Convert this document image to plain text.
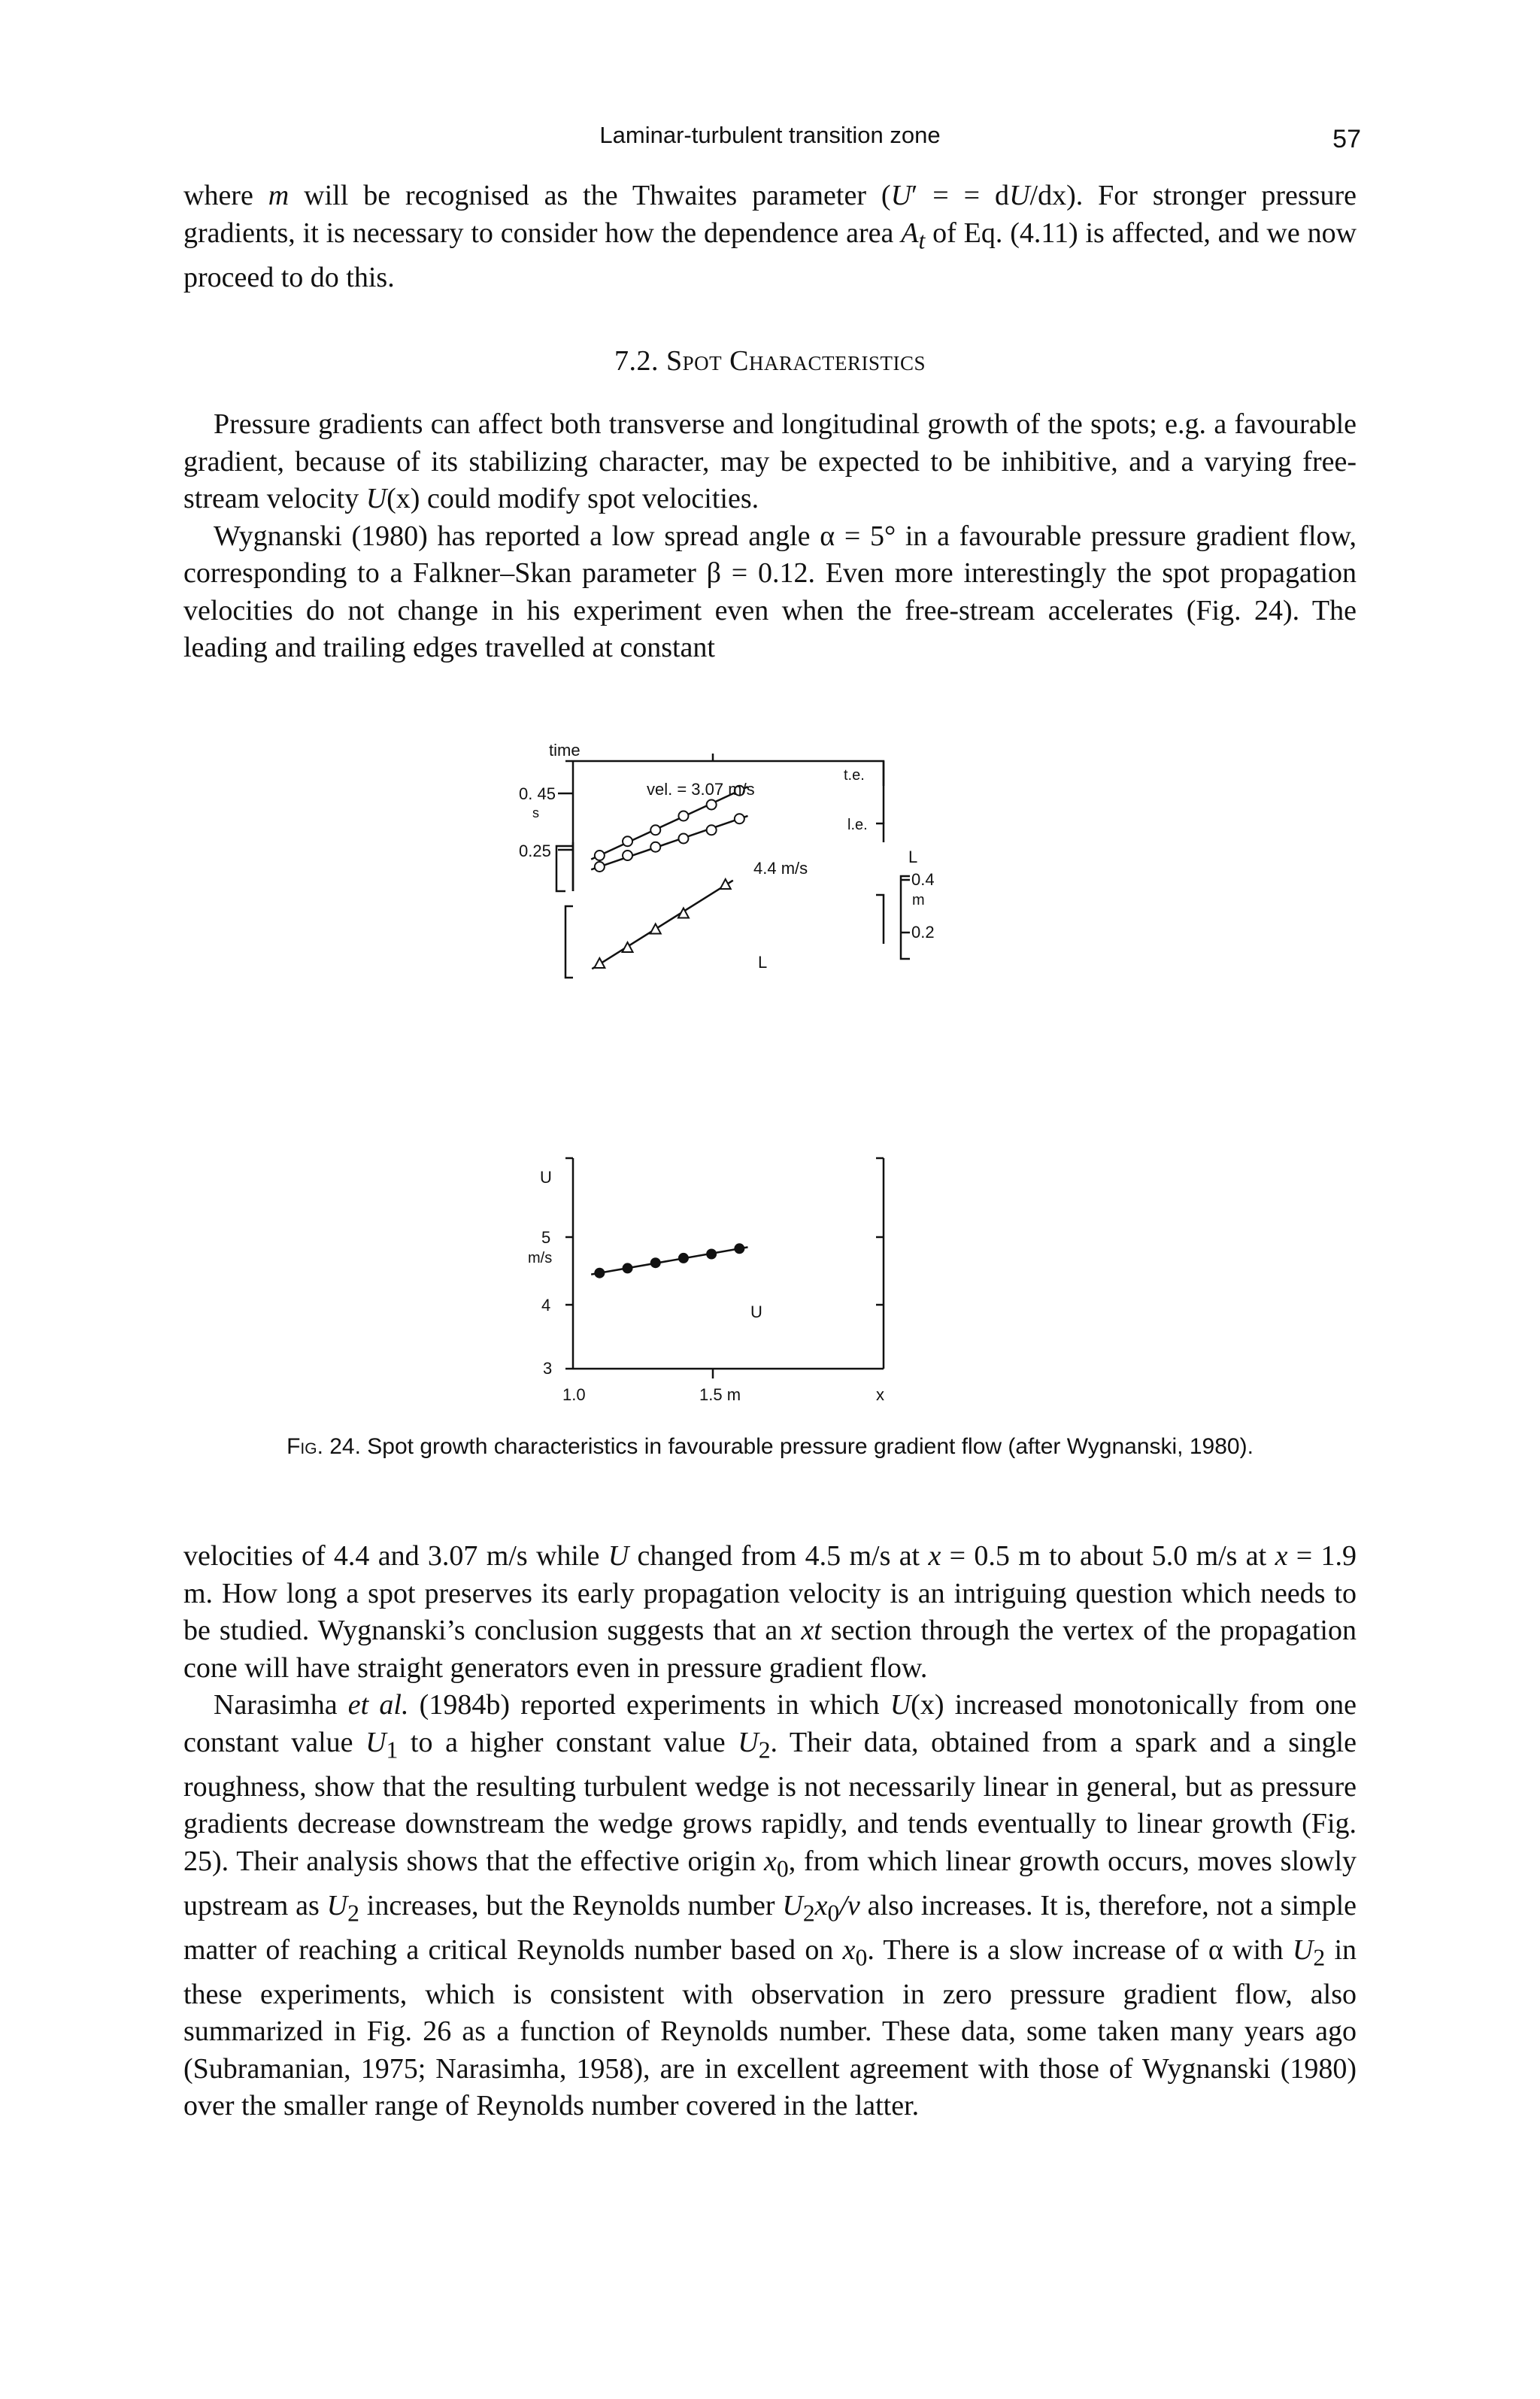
Laminar-turbulent transition zone	57

where m will be recognised as the Thwaites parameter (U′ = = dU/dx). For stronger pressure gradients, it is necessary to consider how the dependence area $A_t$ of Eq. (4.11) is affected, and we now proceed to do this.

7.2. Spot Characteristics

Pressure gradients can affect both transverse and longitudinal growth of the spots; e.g. a favourable gradient, because of its stabilizing character, may be expected to be inhibitive, and a varying free-stream velocity U(x) could modify spot velocities.

Wygnanski (1980) has reported a low spread angle α = 5° in a favourable pressure gradient flow, corresponding to a Falkner–Skan parameter β = 0.12. Even more interestingly the spot propagation velocities do not change in his experiment even when the free-stream accelerates (Fig. 24). The leading and trailing edges travelled at constant

time
0. 45
s
0.25
vel. = 3.07 m/s
t.e.
l.e.
4.4 m/s
L
0.4
m
0.2
L
U
5
m/s
4	U
3
1.0	1.5 m	x
Fig. 24. Spot growth characteristics in favourable pressure gradient flow (after Wygnanski, 1980).

velocities of 4.4 and 3.07 m/s while U changed from 4.5 m/s at x = 0.5 m to about 5.0 m/s at x = 1.9 m. How long a spot preserves its early propagation velocity is an intriguing question which needs to be studied. Wygnanski’s conclusion suggests that an xt section through the vertex of the propagation cone will have straight generators even in pressure gradient flow.

Narasimha et al. (1984b) reported experiments in which U(x) increased monotonically from one constant value $U_1$ to a higher constant value $U_2$. Their data, obtained from a spark and a single roughness, show that the resulting turbulent wedge is not necessarily linear in general, but as pressure gradients decrease downstream the wedge grows rapidly, and tends eventually to linear growth (Fig. 25). Their analysis shows that the effective origin $x_0$, from which linear growth occurs, moves slowly upstream as $U_2$ increases, but the Reynolds number $U_2x_0/\nu$ also increases. It is, therefore, not a simple matter of reaching a critical Reynolds number based on $x_0$. There is a slow increase of α with $U_2$ in these experiments, which is consistent with observation in zero pressure gradient flow, also summarized in Fig. 26 as a function of Reynolds number. These data, some taken many years ago (Subramanian, 1975; Narasimha, 1958), are in excellent agreement with those of Wygnanski (1980) over the smaller range of Reynolds number covered in the latter.
